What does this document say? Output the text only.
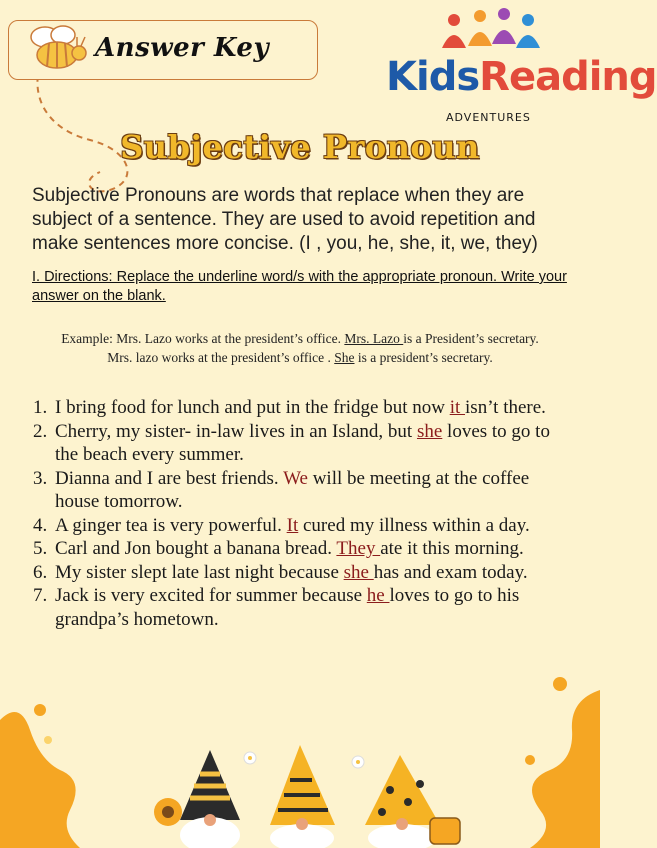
Answer Key
KidsReading
ADVENTURES
Subjective Pronoun
Subjective Pronouns are words that replace when they are subject of a sentence. They are used to avoid repetition and make sentences more concise. (I , you, he, she, it, we, they)
I. Directions: Replace the underline word/s with the appropriate pronoun. Write your answer on the blank.
Example: Mrs. Lazo works at the president’s office. Mrs. Lazo is a President’s secretary.
Mrs. lazo works at the president’s office . She is a president’s secretary.
1. I bring food for lunch and put in the fridge but now it isn’t there.
2. Cherry, my sister- in-law lives in an Island, but she loves to go to the beach every summer.
3. Dianna and I are best friends. We will be meeting at the coffee house tomorrow.
4. A ginger tea is very powerful. It cured my illness within a day.
5. Carl and Jon bought a banana bread. They ate it this morning.
6. My sister slept late last night because she has and exam today.
7. Jack is very excited for summer because he loves to go to his grandpa’s hometown.
